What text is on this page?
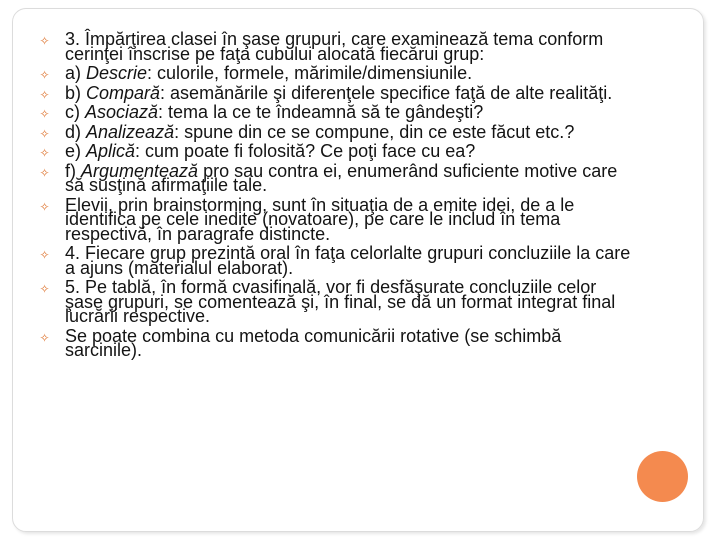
✧ 3. Împărţirea clasei în şase grupuri, care examinează tema conform cerinţei înscrise pe faţa cubului alocată fiecărui grup:
✧ a) Descrie: culorile, formele, mărimile/dimensiunile.
✧ b) Compară: asemănările şi diferenţele specifice faţă de alte realităţi.
✧ c) Asociază: tema la ce te îndeamnă să te gândeşti?
✧ d) Analizează: spune din ce se compune, din ce este făcut etc.?
✧ e) Aplică: cum poate fi folosită? Ce poţi face cu ea?
✧ f) Argumentează pro sau contra ei, enumerând suficiente motive care să susţină afirmaţiile tale.
✧ Elevii, prin brainstorming, sunt în situaţia de a emite idei, de a le identifica pe cele inedite (novatoare), pe care le includ în tema respectivă, în paragrafe distincte.
✧ 4. Fiecare grup prezintă oral în faţa celorlalte grupuri concluziile la care a ajuns (materialul elaborat).
✧ 5. Pe tablă, în formă cvasifinală, vor fi desfăşurate concluziile celor şase grupuri, se comentează şi, în final, se dă un format integrat final lucrării respective.
✧ Se poate combina cu metoda comunicării rotative (se schimbă sarcinile).
